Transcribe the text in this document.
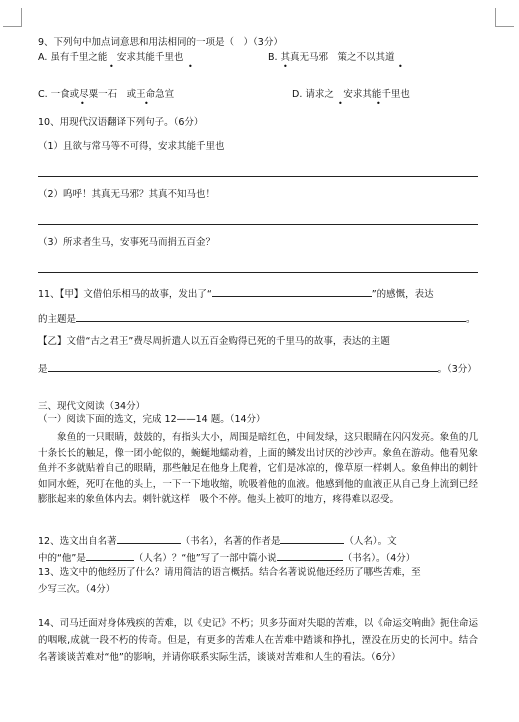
9、下列句中加点词意思和用法相同的一项是（　）（3分）
A. 虽有千里之能　安求其能千里也	B. 其真无马邪　策之不以其道
•	•	•	•
C. 一食或尽粟一石　或王命急宣	D. 请求之　安求其能千里也
•	•	•	•
10、用现代汉语翻译下列句子。（6分）
（1）且欲与常马等不可得，安求其能千里也
（2）呜呼！其真无马邪？其真不知马也！
（3）所求者生马，安事死马而捐五百金？
11、【甲】文借伯乐相马的故事，发出了“	”的感慨，表达
的主题是	。
【乙】文借“古之君王”费尽周折遣人以五百金购得已死的千里马的故事，表达的主题
是	。（3分）
三、现代文阅读（34分）
（一）阅读下面的选文，完成 12——14 题。（14分）
　　象鱼的一只眼睛，鼓鼓的，有指头大小，周围是暗红色，中间发绿，这只眼睛在闪闪发亮。象鱼的几十条长长的触足，像一团小蛇似的，蜿蜒地蠕动着，上面的鳞发出讨厌的沙沙声。象鱼在游动。他看见象鱼并不多就贴着自己的眼睛，那些触足在他身上爬着，它们是冰凉的，像草原一样刺人。象鱼伸出的刺针如同水蛭，死叮在他的头上，一下一下地收缩，吮吸着他的血液。他感到他的血液正从自己身上流到已经膨胀起来的象鱼体内去。刺针就这样　吸个不停。他头上被叮的地方，疼得难以忍受。
12、选文出自名著	（书名），名著的作者是	（人名）。文
中的“他”是	（人名）？“他”写了一部中篇小说	（书名）。（4分）
13、选文中的他经历了什么？请用简洁的语言概括。结合名著说说他还经历了哪些苦难，至
少写三次。（4分）
14、司马迁面对身体残疾的苦难，以《史记》不朽；贝多芬面对失聪的苦难，以《命运交响曲》扼住命运的咽喉,成就一段不朽的传奇。但是，有更多的苦难人在苦难中踏谈和挣扎，湮没在历史的长河中。结合名著谈谈苦难对“他”的影响，并请你联系实际生活，谈谈对苦难和人生的看法。（6分）
